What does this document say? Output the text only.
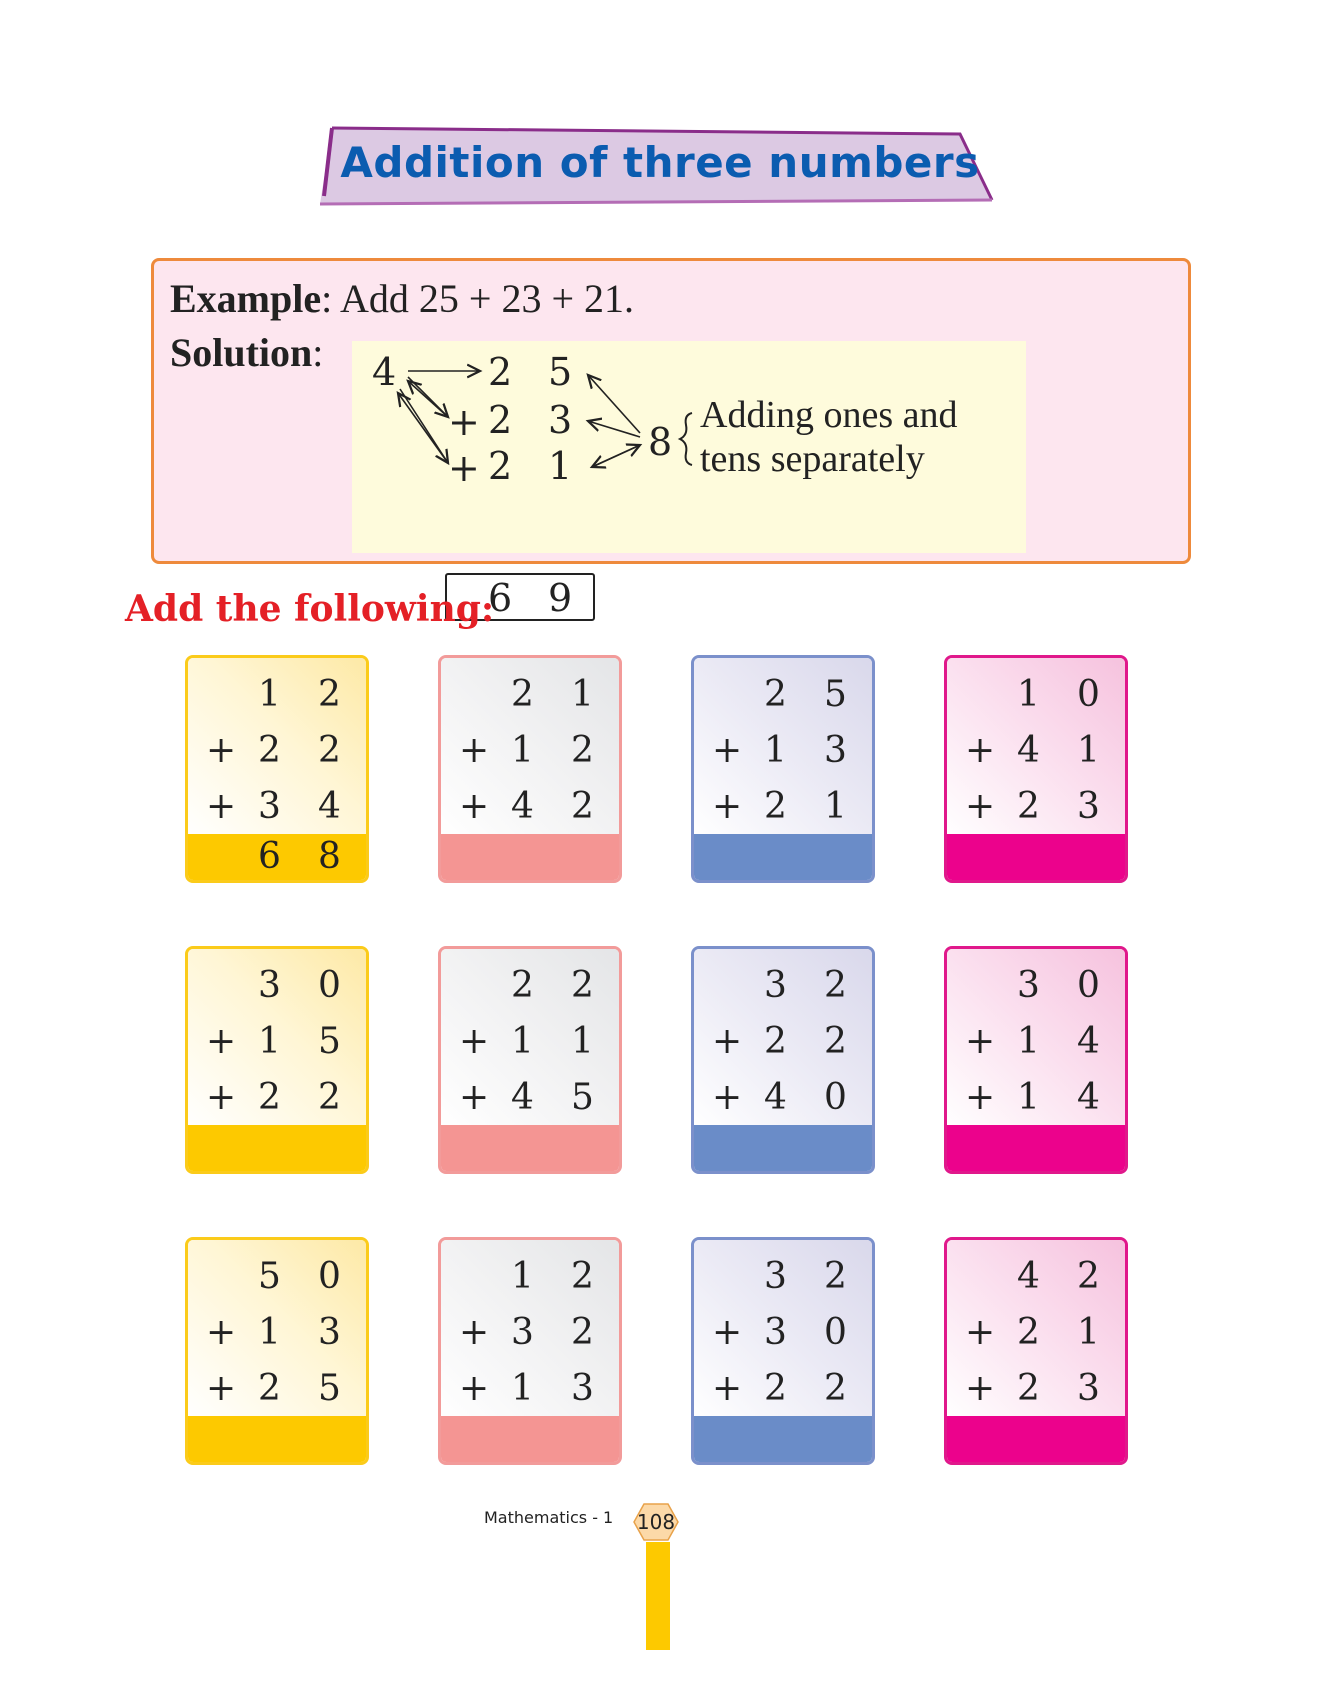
Addition of three numbers
Example: Add 25 + 23 + 21.
Solution: 4
+
+
2 5
2 3
2 1
6 9
8
Adding ones and
tens separately
Add the following:
1 2
+ 2 2
+ 3 4
6 8
2 1
+ 1 2
+ 4 2
2 5
+ 1 3
+ 2 1
1 0
+ 4 1
+ 2 3
3 0
+ 1 5
+ 2 2
2 2
+ 1 1
+ 4 5
3 2
+ 2 2
+ 4 0
3 0
+ 1 4
+ 1 4
5 0
+ 1 3
+ 2 5
1 2
+ 3 2
+ 1 3
3 2
+ 3 0
+ 2 2
4 2
+ 2 1
+ 2 3
Mathematics - 1 108
